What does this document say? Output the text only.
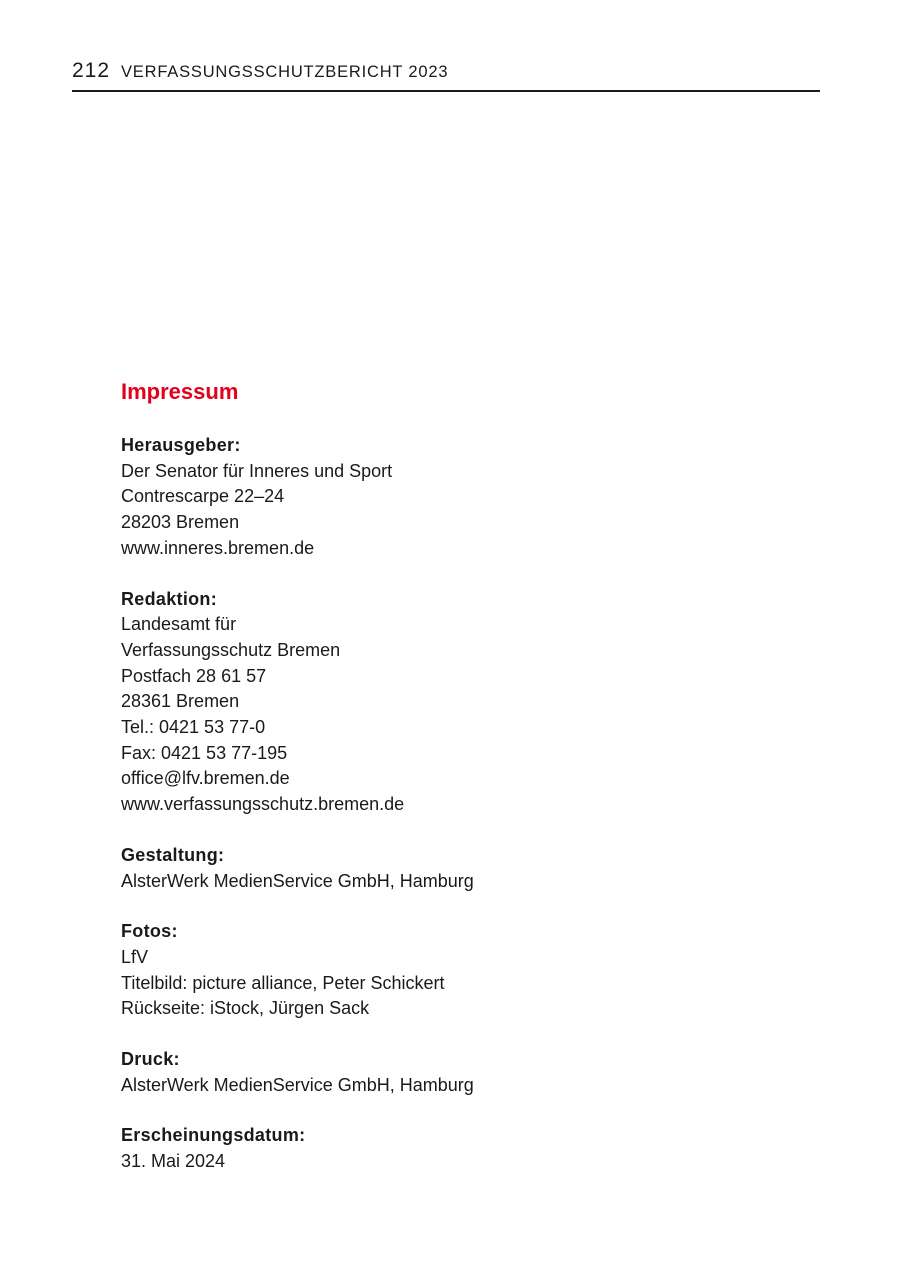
212 VERFASSUNGSSCHUTZBERICHT 2023
Impressum
Herausgeber:
Der Senator für Inneres und Sport
Contrescarpe 22–24
28203 Bremen
www.inneres.bremen.de
Redaktion:
Landesamt für
Verfassungsschutz Bremen
Postfach 28 61 57
28361 Bremen
Tel.: 0421 53 77-0
Fax: 0421 53 77-195
office@lfv.bremen.de
www.verfassungsschutz.bremen.de
Gestaltung:
AlsterWerk MedienService GmbH, Hamburg
Fotos:
LfV
Titelbild: picture alliance, Peter Schickert
Rückseite: iStock, Jürgen Sack
Druck:
AlsterWerk MedienService GmbH, Hamburg
Erscheinungsdatum:
31. Mai 2024
